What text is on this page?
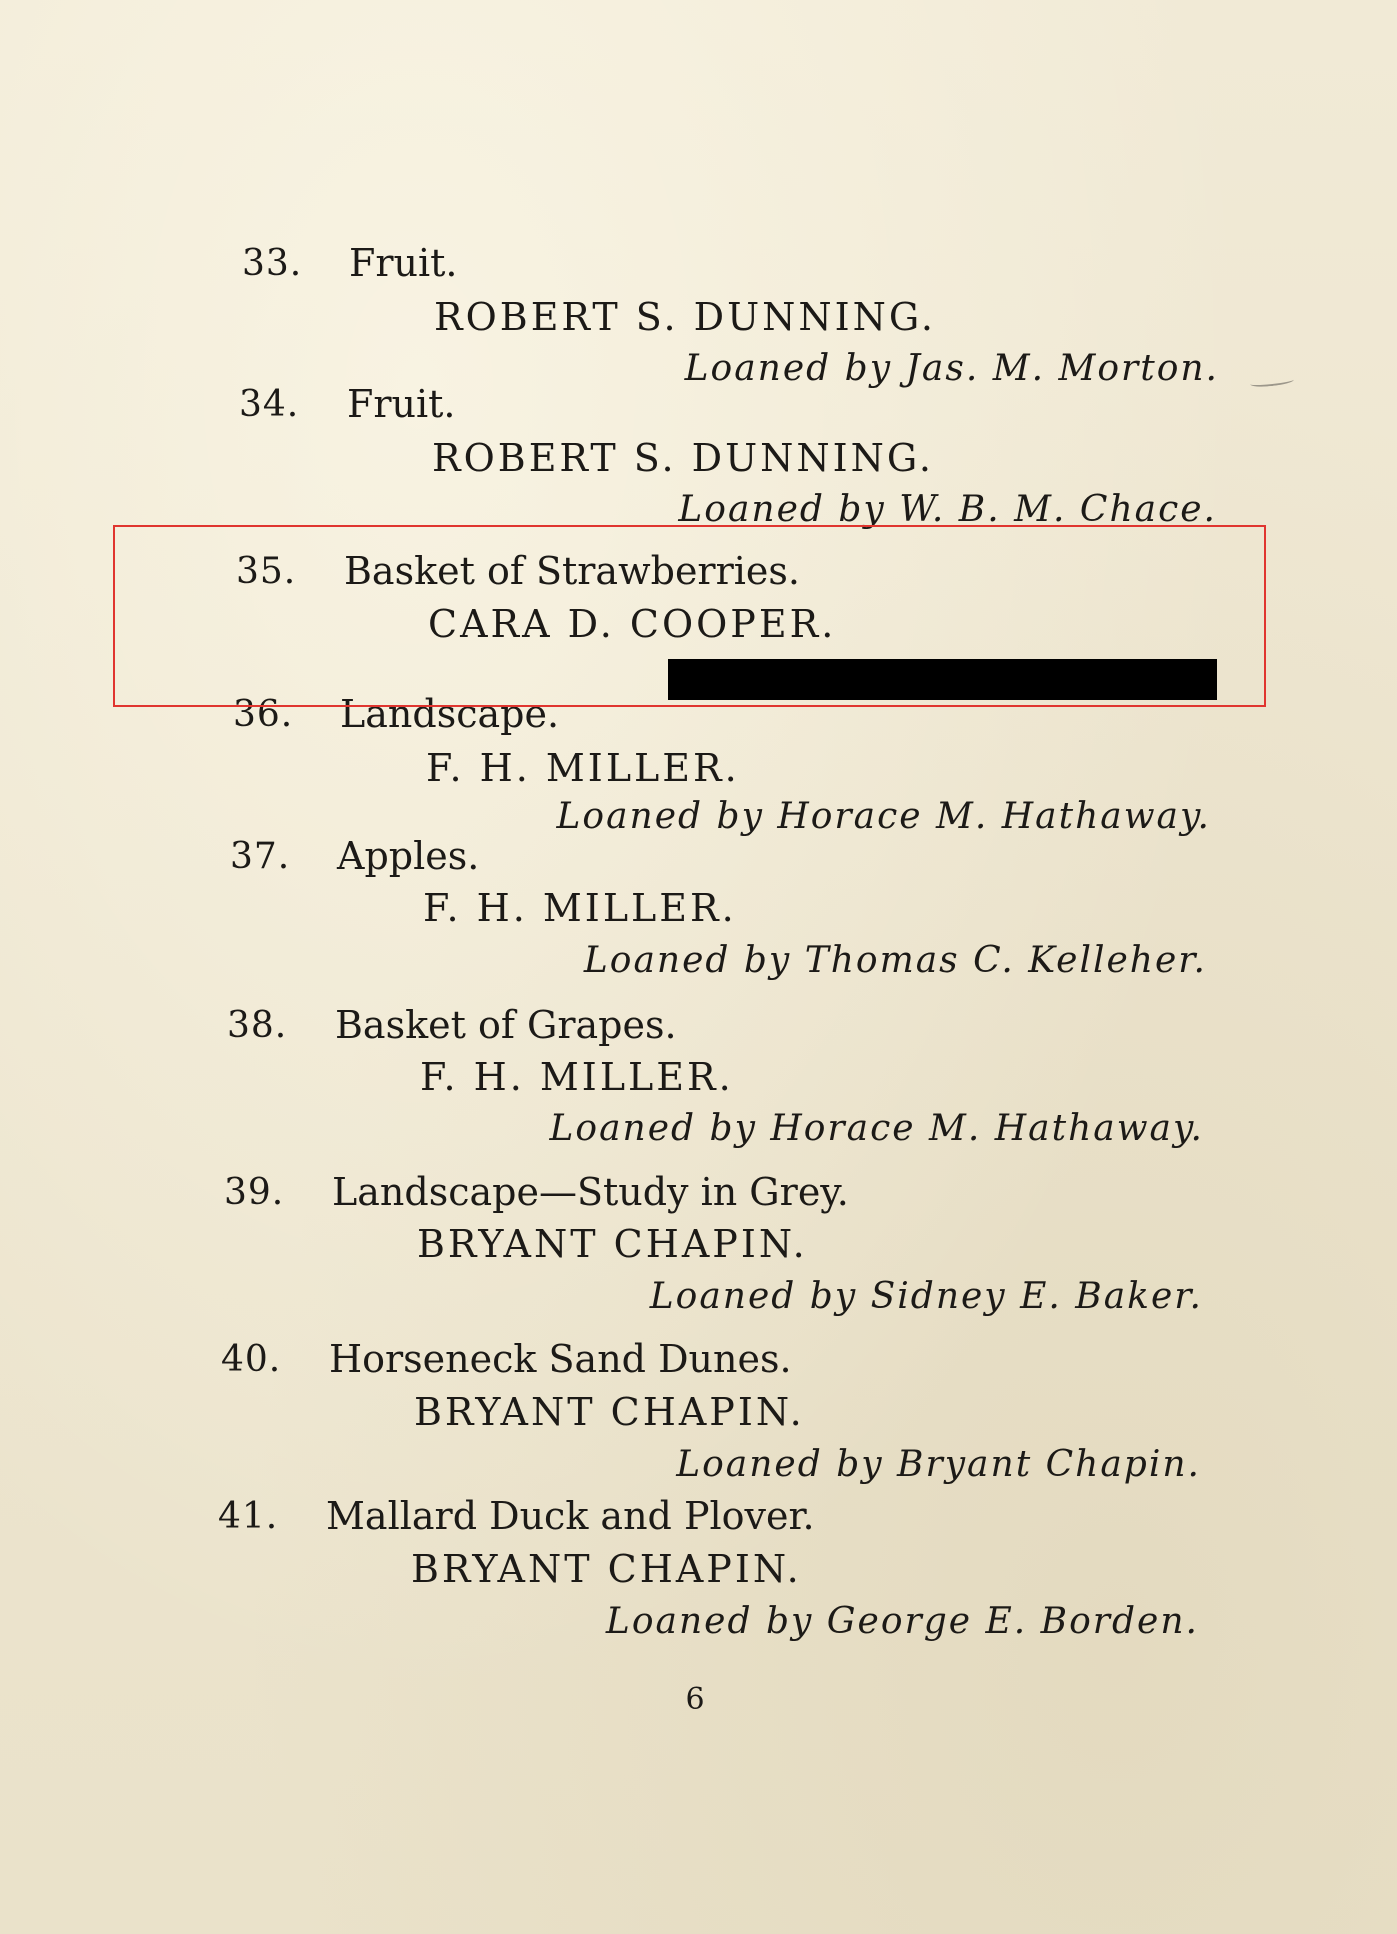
33. Fruit.
ROBERT S. DUNNING.
Loaned by Jas. M. Morton.
34. Fruit.
ROBERT S. DUNNING.
Loaned by W. B. M. Chace.
35. Basket of Strawberries.
CARA D. COOPER.
36. Landscape.
F. H. MILLER.
Loaned by Horace M. Hathaway.
37. Apples.
F. H. MILLER.
Loaned by Thomas C. Kelleher.
38. Basket of Grapes.
F. H. MILLER.
Loaned by Horace M. Hathaway.
39. Landscape—Study in Grey.
BRYANT CHAPIN.
Loaned by Sidney E. Baker.
40. Horseneck Sand Dunes.
BRYANT CHAPIN.
Loaned by Bryant Chapin.
41. Mallard Duck and Plover.
BRYANT CHAPIN.
Loaned by George E. Borden.
6
